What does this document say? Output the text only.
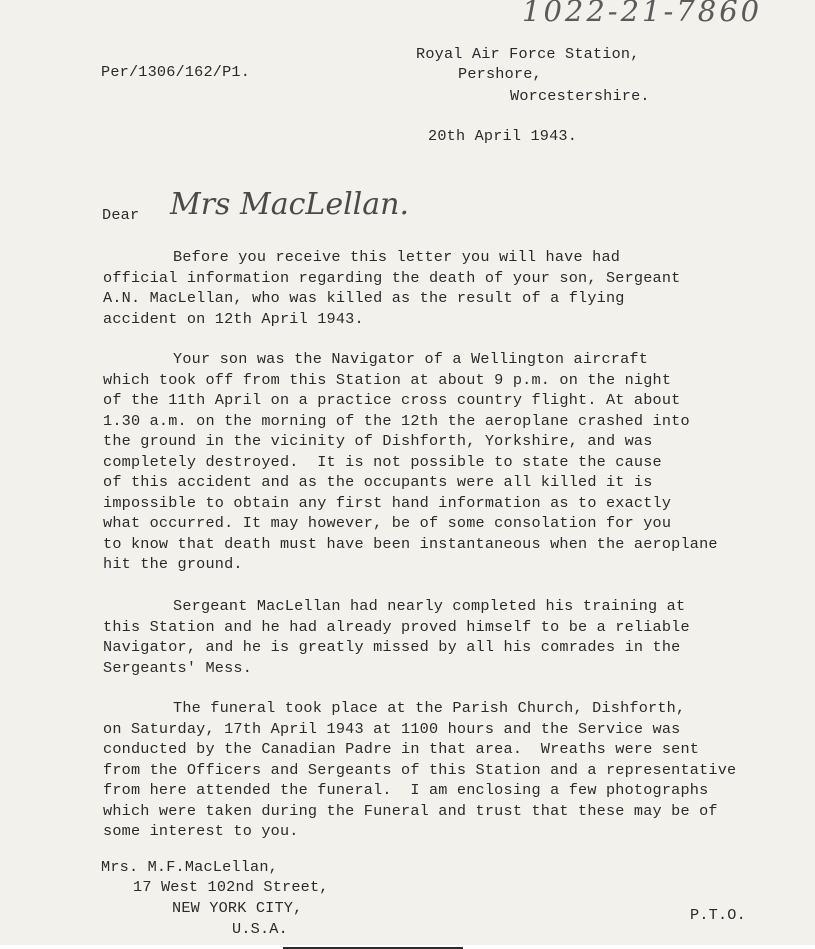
1022-21-7860
Per/1306/162/P1.
Royal Air Force Station,
Pershore,
Worcestershire.
20th April 1943.
Dear Mrs MacLellan.
Before you receive this letter you will have had
official information regarding the death of your son, Sergeant
A.N. MacLellan, who was killed as the result of a flying
accident on 12th April 1943.
Your son was the Navigator of a Wellington aircraft
which took off from this Station at about 9 p.m. on the night
of the 11th April on a practice cross country flight. At about
1.30 a.m. on the morning of the 12th the aeroplane crashed into
the ground in the vicinity of Dishforth, Yorkshire, and was
completely destroyed.  It is not possible to state the cause
of this accident and as the occupants were all killed it is
impossible to obtain any first hand information as to exactly
what occurred. It may however, be of some consolation for you
to know that death must have been instantaneous when the aeroplane
hit the ground.
Sergeant MacLellan had nearly completed his training at
this Station and he had already proved himself to be a reliable
Navigator, and he is greatly missed by all his comrades in the
Sergeants' Mess.
The funeral took place at the Parish Church, Dishforth,
on Saturday, 17th April 1943 at 1100 hours and the Service was
conducted by the Canadian Padre in that area.  Wreaths were sent
from the Officers and Sergeants of this Station and a representative
from here attended the funeral.  I am enclosing a few photographs
which were taken during the Funeral and trust that these may be of
some interest to you.
Mrs. M.F.MacLellan,
17 West 102nd Street,
NEW YORK CITY,
U.S.A.
P.T.O.
